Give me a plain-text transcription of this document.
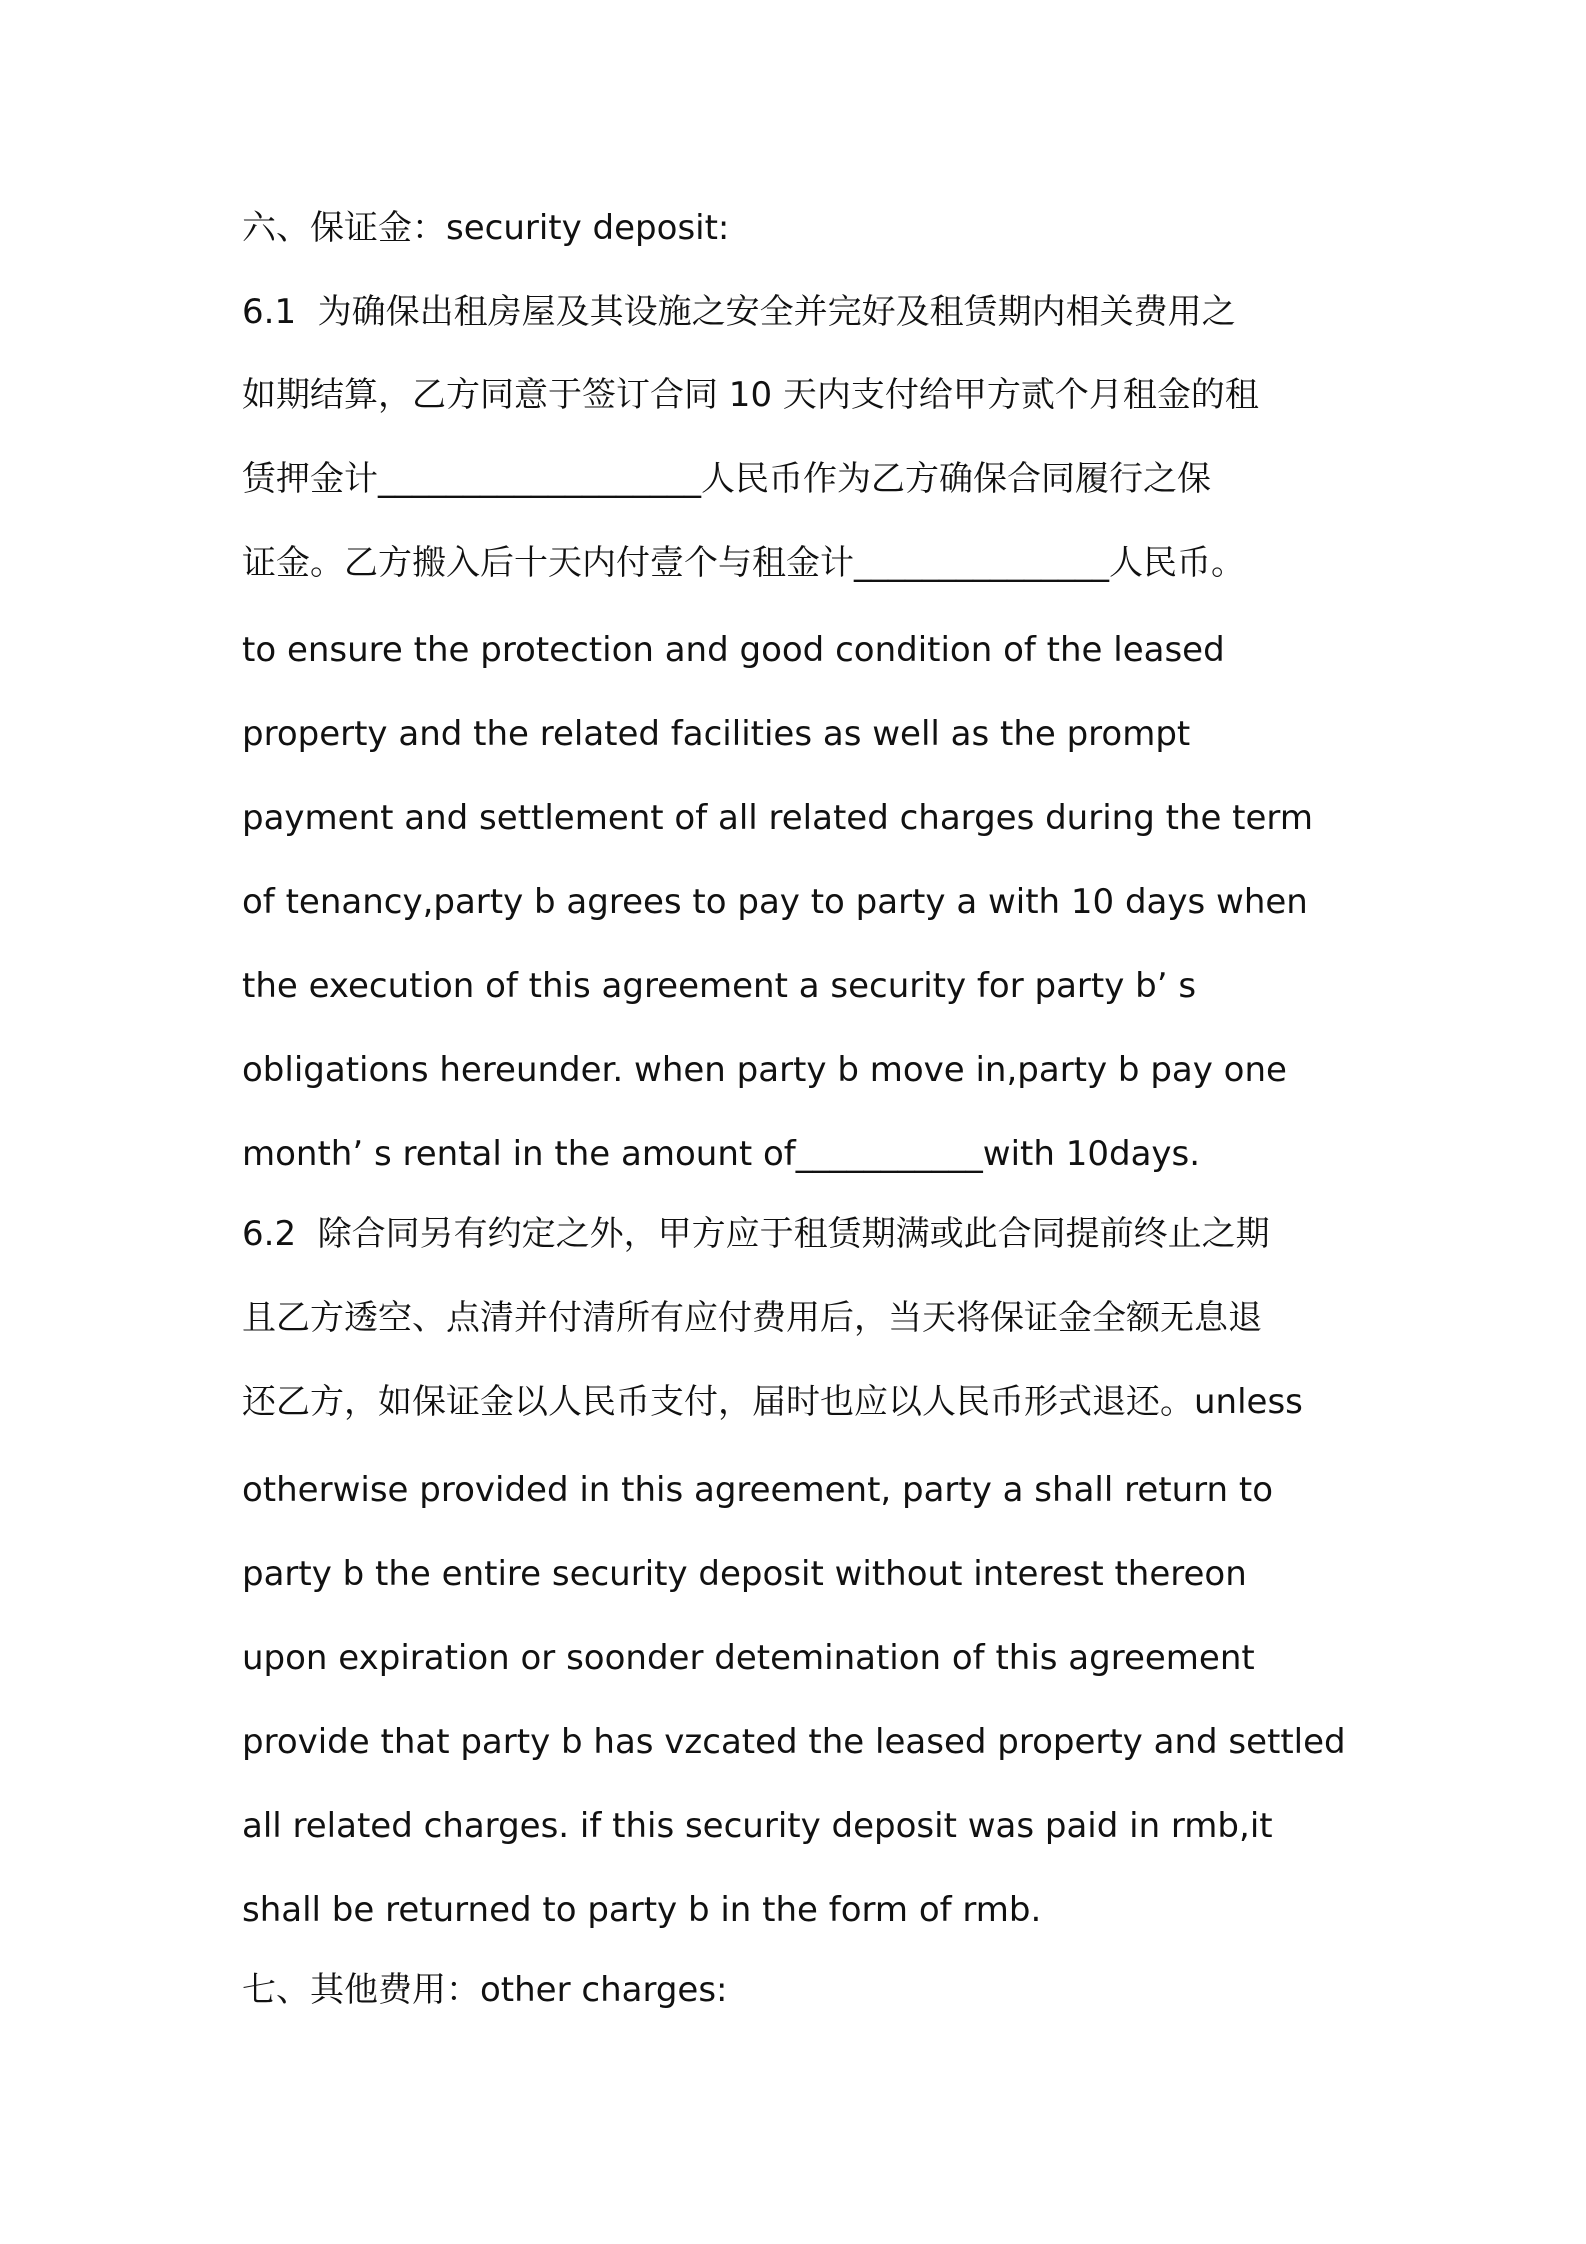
六、保证金：security deposit:
6.1  为确保出租房屋及其设施之安全并完好及租赁期内相关费用之
如期结算，乙方同意于签订合同 10 天内支付给甲方贰个月租金的租
赁押金计___________________人民币作为乙方确保合同履行之保
证金。乙方搬入后十天内付壹个与租金计_______________人民币。
to ensure the protection and good condition of the leased
property and the related facilities as well as the prompt
payment and settlement of all related charges during the term
of tenancy,party b agrees to pay to party a with 10 days when
the execution of this agreement a security for party b’ s
obligations hereunder. when party b move in,party b pay one
month’ s rental in the amount of___________with 10days.
6.2  除合同另有约定之外，甲方应于租赁期满或此合同提前终止之期
且乙方透空、点清并付清所有应付费用后，当天将保证金全额无息退
还乙方，如保证金以人民币支付，届时也应以人民币形式退还。unless
otherwise provided in this agreement, party a shall return to
party b the entire security deposit without interest thereon
upon expiration or soonder detemination of this agreement
provide that party b has vzcated the leased property and settled
all related charges. if this security deposit was paid in rmb,it
shall be returned to party b in the form of rmb.
七、其他费用：other charges:
